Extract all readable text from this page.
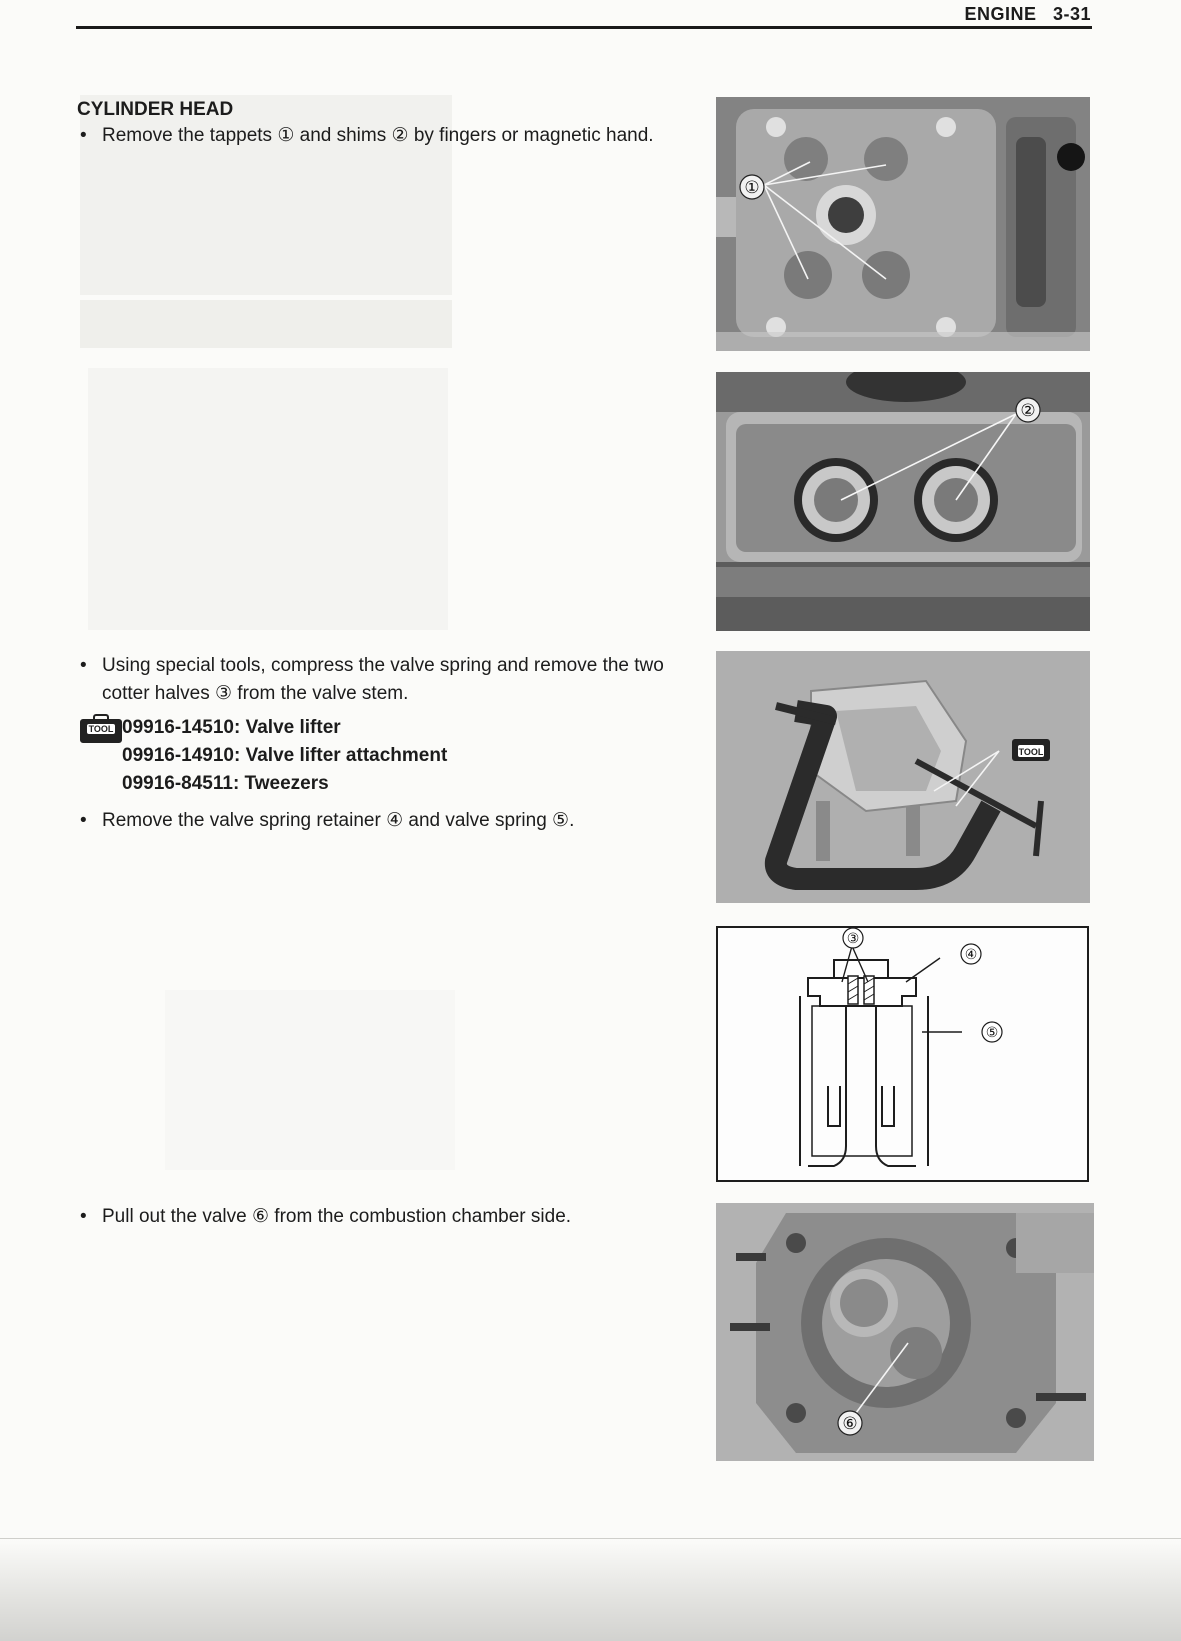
ENGINE 3-31
CYLINDER HEAD
• Remove the tappets ① and shims ② by fingers or magnetic hand.
• Using special tools, compress the valve spring and remove the two cotter halves ③ from the valve stem.
TOOL 09916-14510: Valve lifter
09916-14910: Valve lifter attachment
09916-84511: Tweezers
• Remove the valve spring retainer ④ and valve spring ⑤.
• Pull out the valve ⑥ from the combustion chamber side.
①
②
TOOL
③
④
⑤
⑥
